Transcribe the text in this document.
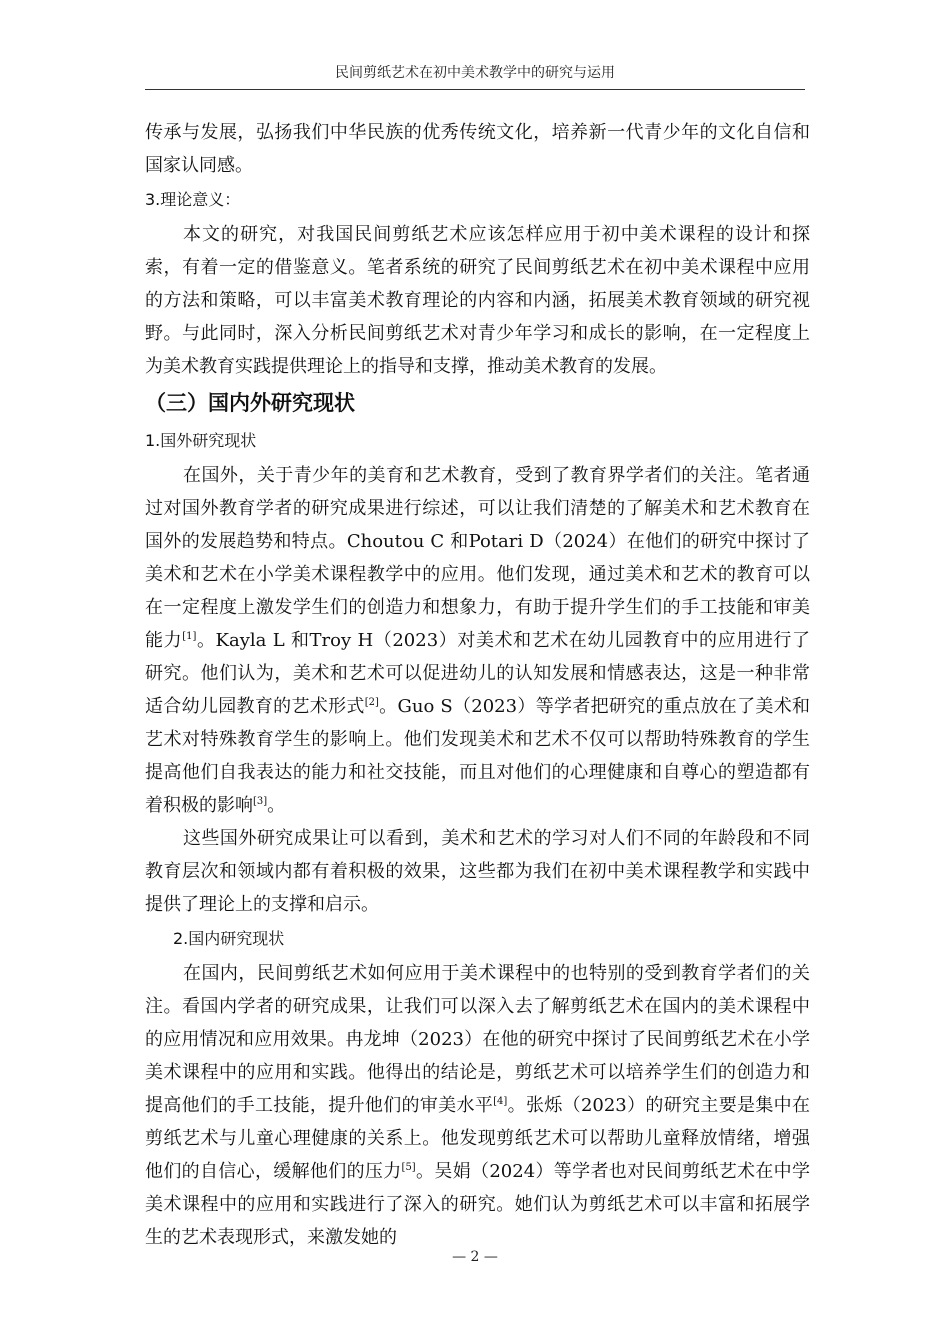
民间剪纸艺术在初中美术教学中的研究与运用

传承与发展，弘扬我们中华民族的优秀传统文化，培养新一代青少年的文化自信和国家认同感。

3.理论意义：

本文的研究，对我国民间剪纸艺术应该怎样应用于初中美术课程的设计和探索，有着一定的借鉴意义。笔者系统的研究了民间剪纸艺术在初中美术课程中应用的方法和策略，可以丰富美术教育理论的内容和内涵，拓展美术教育领域的研究视野。与此同时，深入分析民间剪纸艺术对青少年学习和成长的影响，在一定程度上为美术教育实践提供理论上的指导和支撑，推动美术教育的发展。

（三）国内外研究现状
1.国外研究现状

在国外，关于青少年的美育和艺术教育，受到了教育界学者们的关注。笔者通过对国外教育学者的研究成果进行综述，可以让我们清楚的了解美术和艺术教育在国外的发展趋势和特点。Choutou C 和Potari D（2024）在他们的研究中探讨了美术和艺术在小学美术课程教学中的应用。他们发现，通过美术和艺术的教育可以在一定程度上激发学生们的创造力和想象力，有助于提升学生们的手工技能和审美能力[1]。Kayla L 和Troy H（2023）对美术和艺术在幼儿园教育中的应用进行了研究。他们认为，美术和艺术可以促进幼儿的认知发展和情感表达，这是一种非常适合幼儿园教育的艺术形式[2]。Guo S（2023）等学者把研究的重点放在了美术和艺术对特殊教育学生的影响上。他们发现美术和艺术不仅可以帮助特殊教育的学生提高他们自我表达的能力和社交技能，而且对他们的心理健康和自尊心的塑造都有着积极的影响[3]。

这些国外研究成果让可以看到，美术和艺术的学习对人们不同的年龄段和不同教育层次和领域内都有着积极的效果，这些都为我们在初中美术课程教学和实践中提供了理论上的支撑和启示。

2.国内研究现状

在国内，民间剪纸艺术如何应用于美术课程中的也特别的受到教育学者们的关注。看国内学者的研究成果，让我们可以深入去了解剪纸艺术在国内的美术课程中的应用情况和应用效果。冉龙坤（2023）在他的研究中探讨了民间剪纸艺术在小学美术课程中的应用和实践。他得出的结论是，剪纸艺术可以培养学生们的创造力和提高他们的手工技能，提升他们的审美水平[4]。张烁（2023）的研究主要是集中在剪纸艺术与儿童心理健康的关系上。他发现剪纸艺术可以帮助儿童释放情绪，增强他们的自信心，缓解他们的压力[5]。吴娟（2024）等学者也对民间剪纸艺术在中学美术课程中的应用和实践进行了深入的研究。她们认为剪纸艺术可以丰富和拓展学生的艺术表现形式，来激发她的

— 2 —
